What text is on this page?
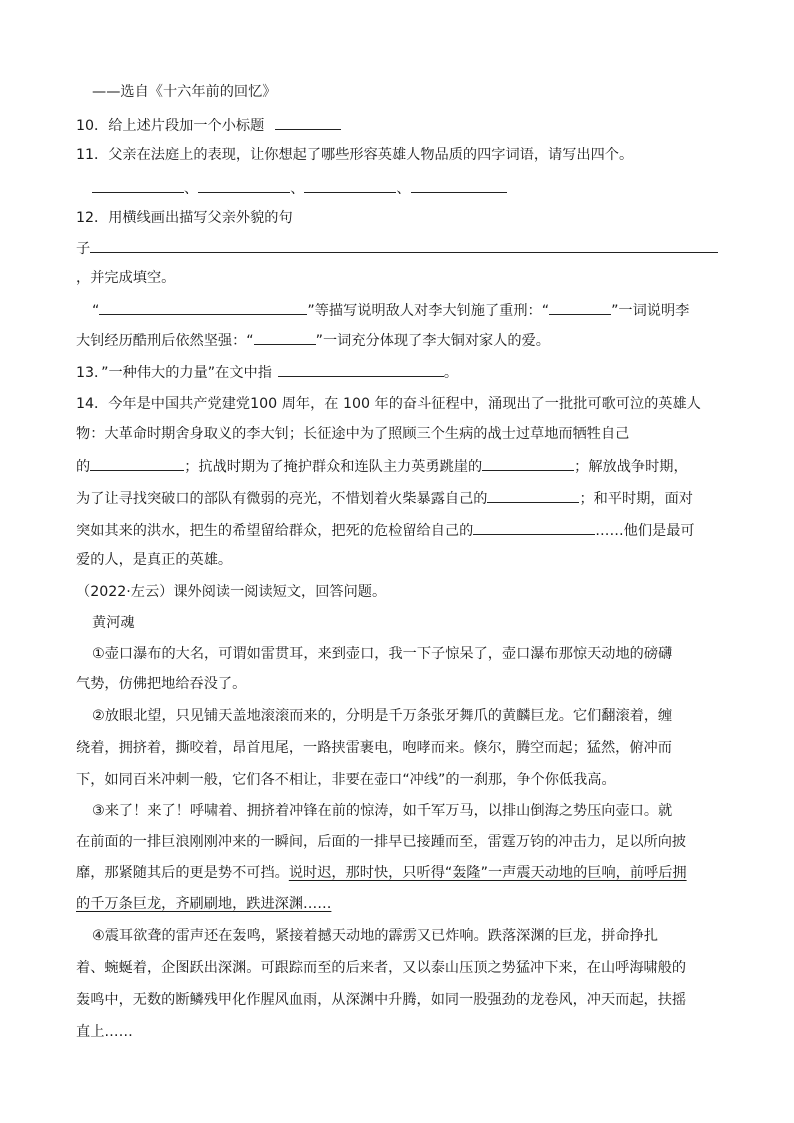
——选自《十六年前的回忆》
10．给上述片段加一个小标题
11．父亲在法庭上的表现，让你想起了哪些形容英雄人物品质的四字词语，请写出四个。
、	、	、
12．用横线画出描写父亲外貌的句
子
，并完成填空。
“	”等描写说明敌人对李大钊施了重刑：“	”一词说明李
大钊经历酷刑后依然坚强：“	”一词充分体现了李大铜对家人的爱。
13．”一种伟大的力量”在文中指	。
14．今年是中国共产党建党100 周年，在 100 年的奋斗征程中，涌现出了一批批可歌可泣的英雄人
物：大革命时期舍身取义的李大钊；长征途中为了照顾三个生病的战士过草地而牺牲自己
的	；抗战时期为了掩护群众和连队主力英勇跳崖的	；解放战争时期，
为了让寻找突破口的部队有微弱的亮光，不惜划着火柴暴露自己的	；和平时期，面对
突如其来的洪水，把生的希望留给群众，把死的危检留给自己的	……他们是最可
爱的人，是真正的英雄。
（2022·左云）课外阅读一阅读短文，回答问题。
黄河魂
①壶口瀑布的大名，可谓如雷贯耳，来到壶口，我一下子惊呆了，壶口瀑布那惊天动地的磅礴
气势，仿佛把地给吞没了。
②放眼北望，只见铺天盖地滚滚而来的，分明是千万条张牙舞爪的黄麟巨龙。它们翻滚着，缠
绕着，拥挤着，撕咬着，昂首甩尾，一路挟雷裹电，咆哮而来。倏尔，腾空而起；猛然，俯冲而
下，如同百米冲刺一般，它们各不相让，非要在壶口“冲线”的一刹那，争个你低我高。
③来了！来了！呼啸着、拥挤着冲锋在前的惊涛，如千军万马，以排山倒海之势压向壶口。就
在前面的一排巨浪刚刚冲来的一瞬间，后面的一排早已接踵而至，雷霆万钧的冲击力，足以所向披
靡，那紧随其后的更是势不可挡。说时迟，那时快，只听得“轰隆”一声震天动地的巨响，前呼后拥
的千万条巨龙，齐刷刷地，跌进深渊……
④震耳欲聋的雷声还在轰鸣，紧接着撼天动地的霹雳又已炸响。跌落深渊的巨龙，拼命挣扎
着、蜿蜒着，企图跃出深渊。可跟踪而至的后来者，又以泰山压顶之势猛冲下来，在山呼海啸般的
轰鸣中，无数的断鳞残甲化作腥风血雨，从深渊中升腾，如同一股强劲的龙卷风，冲天而起，扶摇
直上……
